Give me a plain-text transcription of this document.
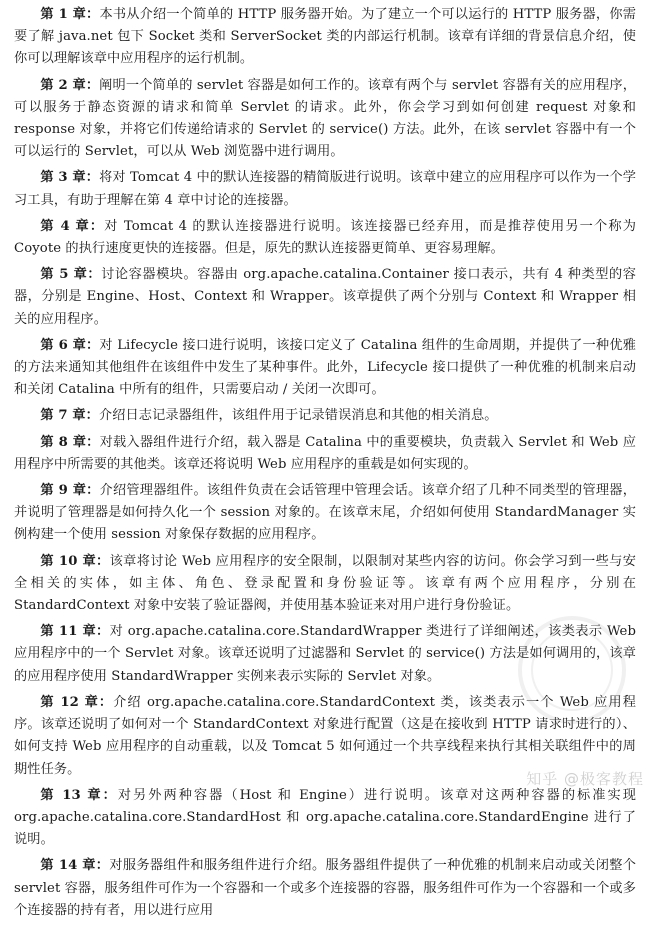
第 1 章：本书从介绍一个简单的 HTTP 服务器开始。为了建立一个可以运行的 HTTP 服务器，你需要了解 java.net 包下 Socket 类和 ServerSocket 类的内部运行机制。该章有详细的背景信息介绍，使你可以理解该章中应用程序的运行机制。

第 2 章：阐明一个简单的 servlet 容器是如何工作的。该章有两个与 servlet 容器有关的应用程序，可以服务于静态资源的请求和简单 Servlet 的请求。此外，你会学习到如何创建 request 对象和 response 对象，并将它们传递给请求的 Servlet 的 service() 方法。此外，在该 servlet 容器中有一个可以运行的 Servlet，可以从 Web 浏览器中进行调用。

第 3 章：将对 Tomcat 4 中的默认连接器的精简版进行说明。该章中建立的应用程序可以作为一个学习工具，有助于理解在第 4 章中讨论的连接器。

第 4 章：对 Tomcat 4 的默认连接器进行说明。该连接器已经弃用，而是推荐使用另一个称为 Coyote 的执行速度更快的连接器。但是，原先的默认连接器更简单、更容易理解。

第 5 章：讨论容器模块。容器由 org.apache.catalina.Container 接口表示，共有 4 种类型的容器，分别是 Engine、Host、Context 和 Wrapper。该章提供了两个分别与 Context 和 Wrapper 相关的应用程序。

第 6 章：对 Lifecycle 接口进行说明，该接口定义了 Catalina 组件的生命周期，并提供了一种优雅的方法来通知其他组件在该组件中发生了某种事件。此外，Lifecycle 接口提供了一种优雅的机制来启动和关闭 Catalina 中所有的组件，只需要启动 / 关闭一次即可。

第 7 章：介绍日志记录器组件，该组件用于记录错误消息和其他的相关消息。

第 8 章：对载入器组件进行介绍，载入器是 Catalina 中的重要模块，负责载入 Servlet 和 Web 应用程序中所需要的其他类。该章还将说明 Web 应用程序的重载是如何实现的。

第 9 章：介绍管理器组件。该组件负责在会话管理中管理会话。该章介绍了几种不同类型的管理器，并说明了管理器是如何持久化一个 session 对象的。在该章末尾，介绍如何使用 StandardManager 实例构建一个使用 session 对象保存数据的应用程序。

第 10 章：该章将讨论 Web 应用程序的安全限制，以限制对某些内容的访问。你会学习到一些与安全相关的实体，如主体、角色、登录配置和身份验证等。该章有两个应用程序，分别在 StandardContext 对象中安装了验证器阀，并使用基本验证来对用户进行身份验证。

第 11 章：对 org.apache.catalina.core.StandardWrapper 类进行了详细阐述，该类表示 Web 应用程序中的一个 Servlet 对象。该章还说明了过滤器和 Servlet 的 service() 方法是如何调用的，该章的应用程序使用 StandardWrapper 实例来表示实际的 Servlet 对象。

第 12 章：介绍 org.apache.catalina.core.StandardContext 类，该类表示一个 Web 应用程序。该章还说明了如何对一个 StandardContext 对象进行配置（这是在接收到 HTTP 请求时进行的）、如何支持 Web 应用程序的自动重载，以及 Tomcat 5 如何通过一个共享线程来执行其相关联组件中的周期性任务。

第 13 章：对另外两种容器（Host 和 Engine）进行说明。该章对这两种容器的标准实现 org.apache.catalina.core.StandardHost 和 org.apache.catalina.core.StandardEngine 进行了说明。

第 14 章：对服务器组件和服务组件进行介绍。服务器组件提供了一种优雅的机制来启动或关闭整个 servlet 容器，服务组件可作为一个容器和一个或多个连接器的容器，服务组件可作为一个容器和一个或多个连接器的持有者，用以进行应用

知乎 @极客教程
